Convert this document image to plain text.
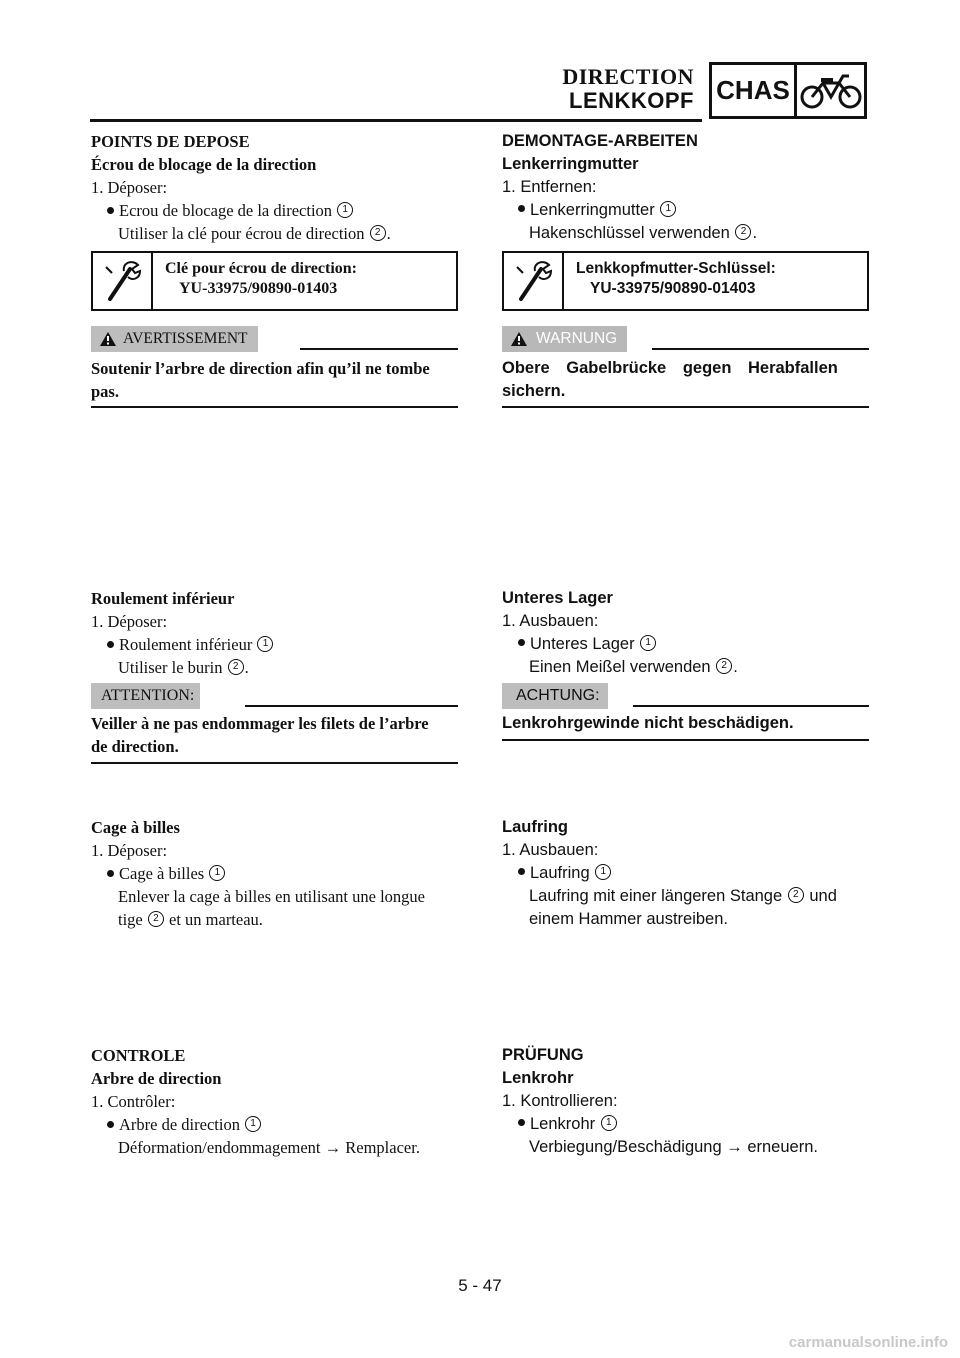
DIRECTION
LENKKOPF CHAS
POINTS DE DEPOSE
Écrou de blocage de la direction
1. Déposer:
Ecrou de blocage de la direction 1
Utiliser la clé pour écrou de direction 2 .
Clé pour écrou de direction:
YU-33975/90890-01403
AVERTISSEMENT
Soutenir l’arbre de direction afin qu’il ne tombe
pas.
Roulement inférieur
1. Déposer:
Roulement inférieur 1
Utiliser le burin 2 .
ATTENTION:
Veiller à ne pas endommager les filets de l’arbre
de direction.
Cage à billes
1. Déposer:
Cage à billes 1
Enlever la cage à billes en utilisant une longue
tige 2 et un marteau.
CONTROLE
Arbre de direction
1. Contrôler:
Arbre de direction 1
Déformation/endommagement → Remplacer.
DEMONTAGE-ARBEITEN
Lenkerringmutter
1. Entfernen:
Lenkerringmutter 1
Hakenschlüssel verwenden 2 .
Lenkkopfmutter-Schlüssel:
YU-33975/90890-01403
WARNUNG
Obere Gabelbrücke gegen Herabfallen
sichern.
Unteres Lager
1. Ausbauen:
Unteres Lager 1
Einen Meißel verwenden 2 .
ACHTUNG:
Lenkrohrgewinde nicht beschädigen.
Laufring
1. Ausbauen:
Laufring 1
Laufring mit einer längeren Stange 2 und
einem Hammer austreiben.
PRÜFUNG
Lenkrohr
1. Kontrollieren:
Lenkrohr 1
Verbiegung/Beschädigung → erneuern.
5 - 47
carmanualsonline.info
